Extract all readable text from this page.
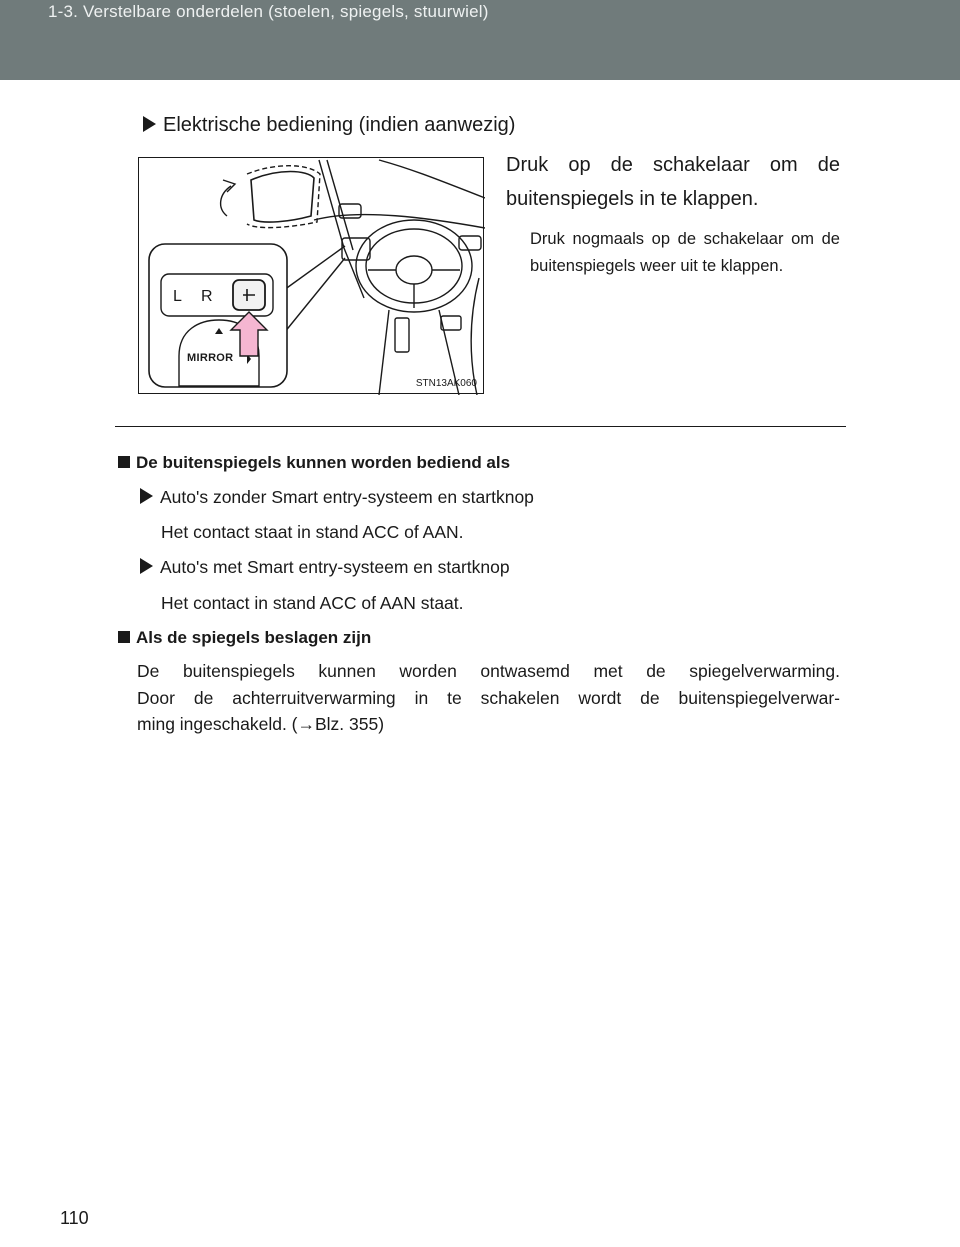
1-3. Verstelbare onderdelen (stoelen, spiegels, stuurwiel)
Elektrische bediening (indien aanwezig)
L R
MIRROR
STN13AK060
Druk op de schakelaar om de buitenspiegels in te klappen.
Druk nogmaals op de schakelaar om de buitenspiegels weer uit te klappen.
De buitenspiegels kunnen worden bediend als
Auto's zonder Smart entry-systeem en startknop
Het contact staat in stand ACC of AAN.
Auto's met Smart entry-systeem en startknop
Het contact in stand ACC of AAN staat.
Als de spiegels beslagen zijn
De buitenspiegels kunnen worden ontwasemd met de spiegelverwarming.
Door de achterruitverwarming in te schakelen wordt de buitenspiegelverwar-
ming ingeschakeld. (→Blz. 355)
110
